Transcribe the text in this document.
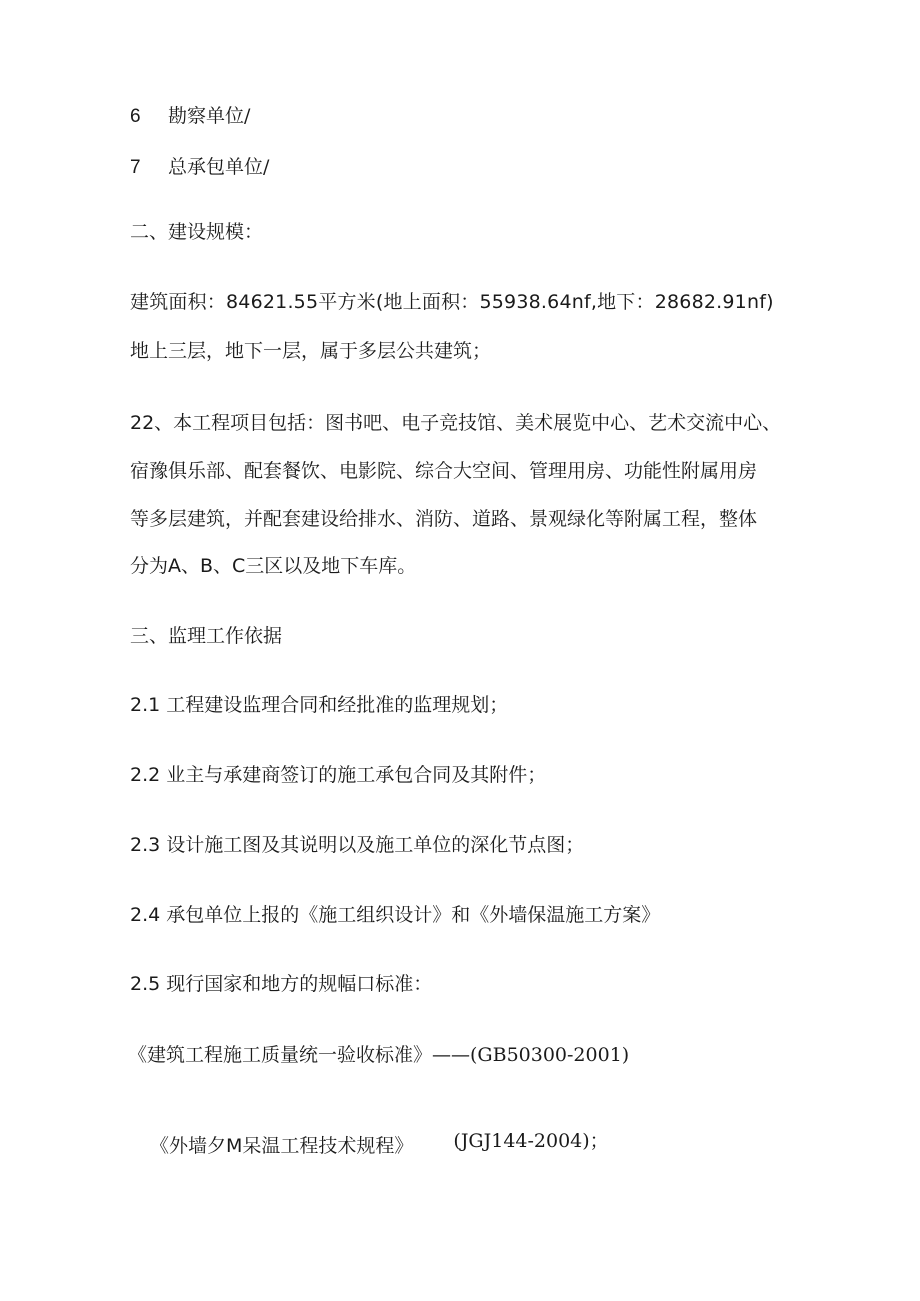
6 勘察单位/
7 总承包单位/
二、建设规模：
建筑面积：84621.55平方米(地上面积：55938.64nf,地下：28682.91nf)
地上三层，地下一层，属于多层公共建筑；
22、本工程项目包括：图书吧、电子竞技馆、美术展览中心、艺术交流中心、
宿豫俱乐部、配套餐饮、电影院、综合大空间、管理用房、功能性附属用房
等多层建筑，并配套建设给排水、消防、道路、景观绿化等附属工程，整体
分为A、B、C三区以及地下车库。
三、监理工作依据
2.1 工程建设监理合同和经批准的监理规划；
2.2 业主与承建商签订的施工承包合同及其附件；
2.3 设计施工图及其说明以及施工单位的深化节点图；
2.4 承包单位上报的《施工组织设计》和《外墙保温施工方案》
2.5 现行国家和地方的规幅口标准：
《建筑工程施工质量统一验收标准》——(GB50300-2001)
《外墙夕M呆温工程技术规程》 (JGJ144-2004)；
